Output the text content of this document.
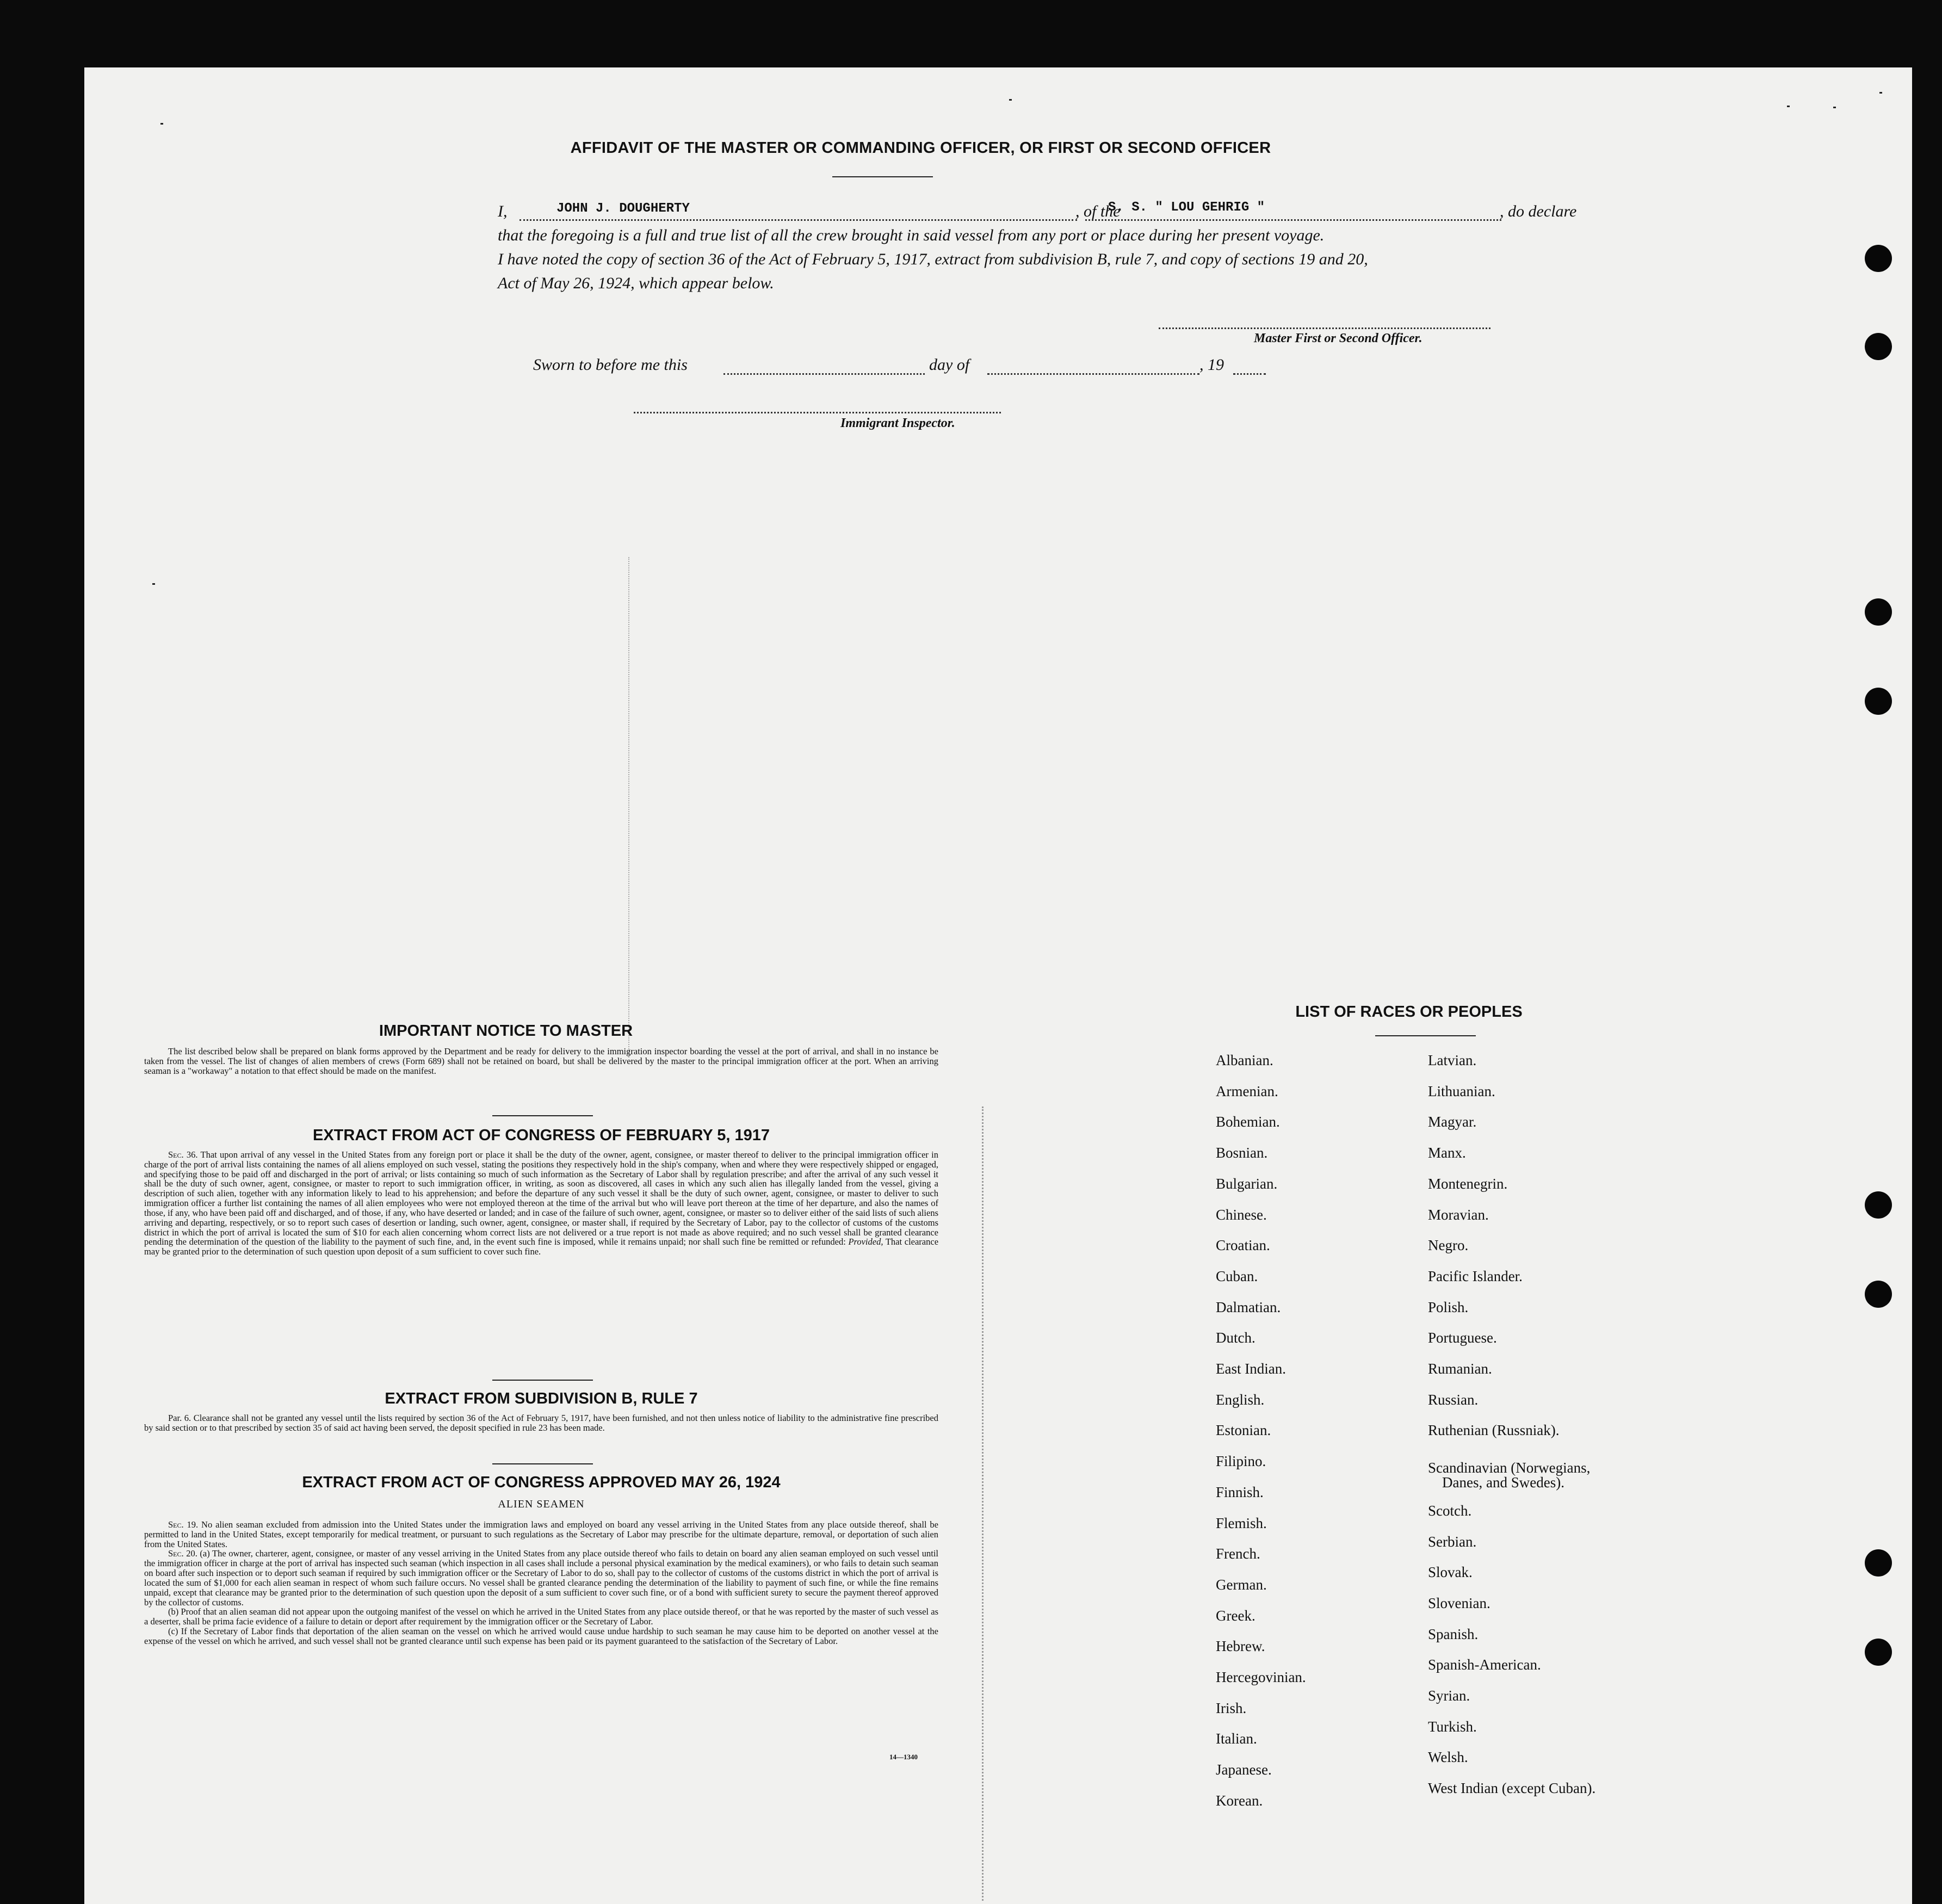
AFFIDAVIT OF THE MASTER OR COMMANDING OFFICER, OR FIRST OR SECOND OFFICER
I,	JOHN J. DOUGHERTY	, of the
S. S. " LOU GEHRIG "	, do declare
that the foregoing is a full and true list of all the crew brought in said vessel from any port or place during her present voyage.
I have noted the copy of section 36 of the Act of February 5, 1917, extract from subdivision B, rule 7, and copy of sections 19 and 20,
Act of May 26, 1924, which appear below.
Master First or Second Officer.
Sworn to before me this	day of	, 19
Immigrant Inspector.
IMPORTANT NOTICE TO MASTER

The list described below shall be prepared on blank forms approved by the Department and be ready for delivery to the immigration inspector boarding the vessel at the port of arrival, and shall in no instance be taken from the vessel. The list of changes of alien members of crews (Form 689) shall not be retained on board, but shall be delivered by the master to the principal immigration officer at the port. When an arriving seaman is a "workaway" a notation to that effect should be made on the manifest.

EXTRACT FROM ACT OF CONGRESS OF FEBRUARY 5, 1917

Sec. 36. That upon arrival of any vessel in the United States from any foreign port or place it shall be the duty of the owner, agent, consignee, or master thereof to deliver to the principal immigration officer in charge of the port of arrival lists containing the names of all aliens employed on such vessel, stating the positions they respectively hold in the ship's company, when and where they were respectively shipped or engaged, and specifying those to be paid off and discharged in the port of arrival; or lists containing so much of such information as the Secretary of Labor shall by regulation prescribe; and after the arrival of any such vessel it shall be the duty of such owner, agent, consignee, or master to report to such immigration officer, in writing, as soon as discovered, all cases in which any such alien has illegally landed from the vessel, giving a description of such alien, together with any information likely to lead to his apprehension; and before the departure of any such vessel it shall be the duty of such owner, agent, consignee, or master to deliver to such immigration officer a further list containing the names of all alien employees who were not employed thereon at the time of the arrival but who will leave port thereon at the time of her departure, and also the names of those, if any, who have been paid off and discharged, and of those, if any, who have deserted or landed; and in case of the failure of such owner, agent, consignee, or master so to deliver either of the said lists of such aliens arriving and departing, respectively, or so to report such cases of desertion or landing, such owner, agent, consignee, or master shall, if required by the Secretary of Labor, pay to the collector of customs of the customs district in which the port of arrival is located the sum of $10 for each alien concerning whom correct lists are not delivered or a true report is not made as above required; and no such vessel shall be granted clearance pending the determination of the question of the liability to the payment of such fine, and, in the event such fine is imposed, while it remains unpaid; nor shall such fine be remitted or refunded: Provided, That clearance may be granted prior to the determination of such question upon deposit of a sum sufficient to cover such fine.

EXTRACT FROM SUBDIVISION B, RULE 7

Par. 6. Clearance shall not be granted any vessel until the lists required by section 36 of the Act of February 5, 1917, have been furnished, and not then unless notice of liability to the administrative fine prescribed by said section or to that prescribed by section 35 of said act having been served, the deposit specified in rule 23 has been made.

EXTRACT FROM ACT OF CONGRESS APPROVED MAY 26, 1924
ALIEN SEAMEN

Sec. 19. No alien seaman excluded from admission into the United States under the immigration laws and employed on board any vessel arriving in the United States from any place outside thereof, shall be permitted to land in the United States, except temporarily for medical treatment, or pursuant to such regulations as the Secretary of Labor may prescribe for the ultimate departure, removal, or deportation of such alien from the United States.

Sec. 20. (a) The owner, charterer, agent, consignee, or master of any vessel arriving in the United States from any place outside thereof who fails to detain on board any alien seaman employed on such vessel until the immigration officer in charge at the port of arrival has inspected such seaman (which inspection in all cases shall include a personal physical examination by the medical examiners), or who fails to detain such seaman on board after such inspection or to deport such seaman if required by such immigration officer or the Secretary of Labor to do so, shall pay to the collector of customs of the customs district in which the port of arrival is located the sum of $1,000 for each alien seaman in respect of whom such failure occurs. No vessel shall be granted clearance pending the determination of the liability to payment of such fine, or while the fine remains unpaid, except that clearance may be granted prior to the determination of such question upon the deposit of a sum sufficient to cover such fine, or of a bond with sufficient surety to secure the payment thereof approved by the collector of customs.

(b) Proof that an alien seaman did not appear upon the outgoing manifest of the vessel on which he arrived in the United States from any place outside thereof, or that he was reported by the master of such vessel as a deserter, shall be prima facie evidence of a failure to detain or deport after requirement by the immigration officer or the Secretary of Labor.

(c) If the Secretary of Labor finds that deportation of the alien seaman on the vessel on which he arrived would cause undue hardship to such seaman he may cause him to be deported on another vessel at the expense of the vessel on which he arrived, and such vessel shall not be granted clearance until such expense has been paid or its payment guaranteed to the satisfaction of the Secretary of Labor.

14—1340
LIST OF RACES OR PEOPLES
Albanian.
Armenian.
Bohemian.
Bosnian.
Bulgarian.
Chinese.
Croatian.
Cuban.
Dalmatian.
Dutch.
East Indian.
English.
Estonian.
Filipino.
Finnish.
Flemish.
French.
German.
Greek.
Hebrew.
Hercegovinian.
Irish.
Italian.
Japanese.
Korean.
Latvian.
Lithuanian.
Magyar.
Manx.
Montenegrin.
Moravian.
Negro.
Pacific Islander.
Polish.
Portuguese.
Rumanian.
Russian.
Ruthenian (Russniak).
Scandinavian (Norwegians,
Danes, and Swedes).
Scotch.
Serbian.
Slovak.
Slovenian.
Spanish.
Spanish-American.
Syrian.
Turkish.
Welsh.
West Indian (except Cuban).
